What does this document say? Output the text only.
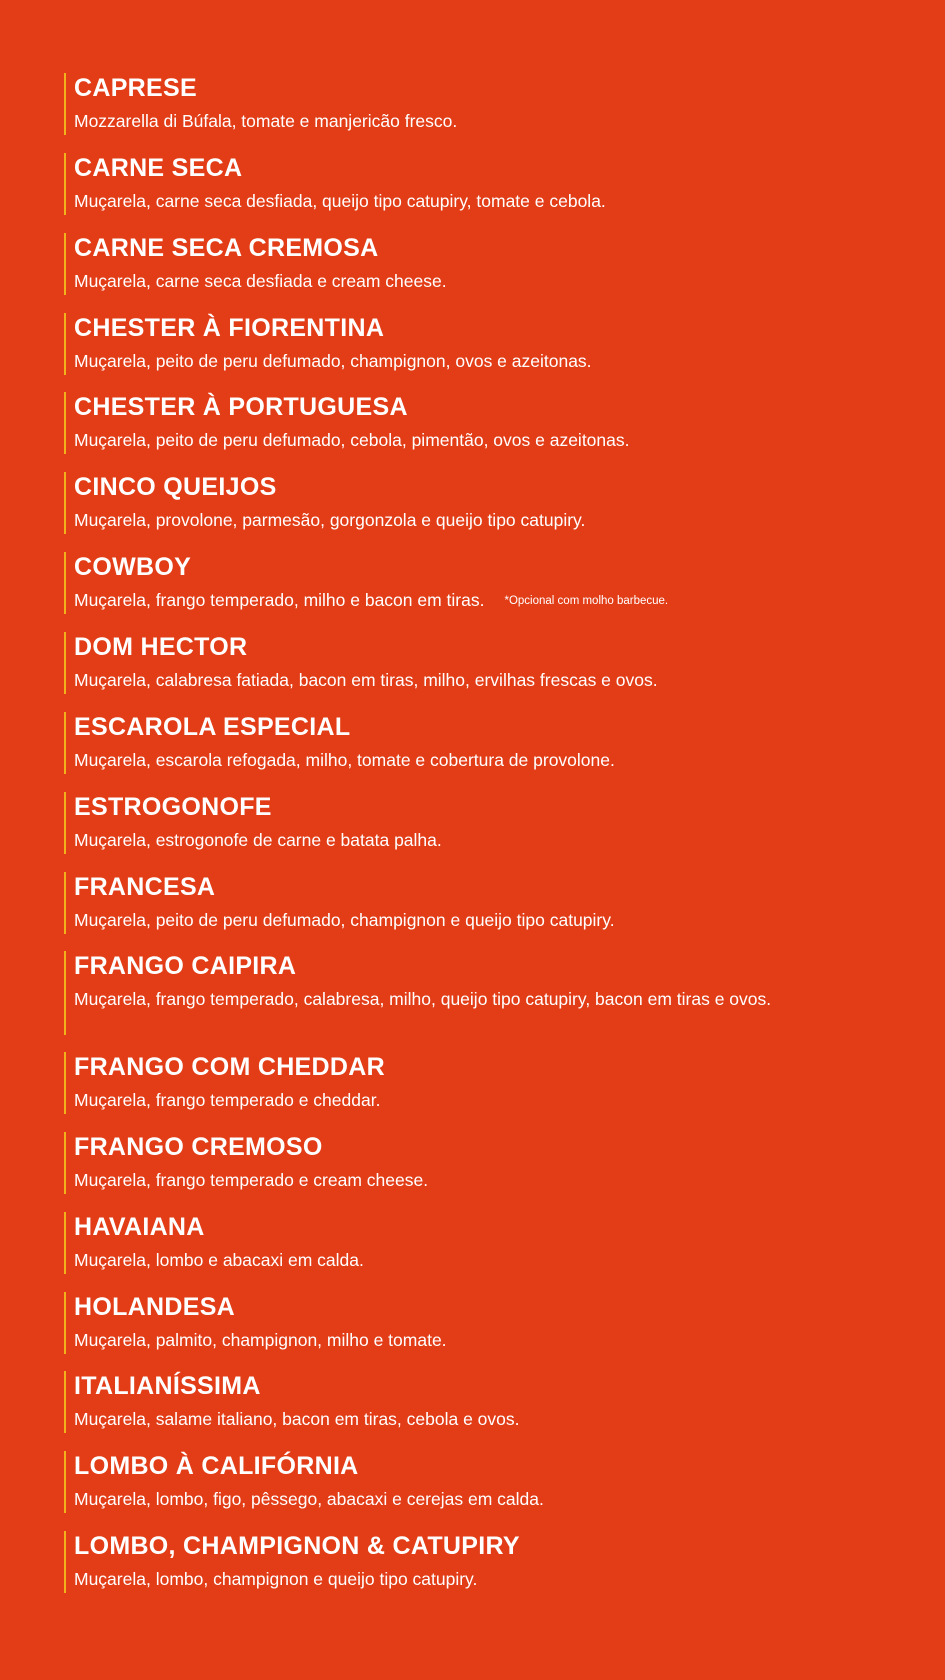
CAPRESE
Mozzarella di Búfala, tomate e manjericão fresco.
CARNE SECA
Muçarela, carne seca desfiada, queijo tipo catupiry, tomate e cebola.
CARNE SECA CREMOSA
Muçarela, carne seca desfiada e cream cheese.
CHESTER À FIORENTINA
Muçarela, peito de peru defumado, champignon, ovos e azeitonas.
CHESTER À PORTUGUESA
Muçarela, peito de peru defumado, cebola, pimentão, ovos e azeitonas.
CINCO QUEIJOS
Muçarela, provolone, parmesão, gorgonzola e queijo tipo catupiry.
COWBOY
Muçarela, frango temperado, milho e bacon em tiras. *Opcional com molho barbecue.
DOM HECTOR
Muçarela, calabresa fatiada, bacon em tiras, milho, ervilhas frescas e ovos.
ESCAROLA ESPECIAL
Muçarela, escarola refogada, milho, tomate e cobertura de provolone.
ESTROGONOFE
Muçarela, estrogonofe de carne e batata palha.
FRANCESA
Muçarela, peito de peru defumado, champignon e queijo tipo catupiry.
FRANGO CAIPIRA
Muçarela, frango temperado, calabresa, milho, queijo tipo catupiry, bacon em tiras e ovos.
FRANGO COM CHEDDAR
Muçarela, frango temperado e cheddar.
FRANGO CREMOSO
Muçarela, frango temperado e cream cheese.
HAVAIANA
Muçarela, lombo e abacaxi em calda.
HOLANDESA
Muçarela, palmito, champignon, milho e tomate.
ITALIANÍSSIMA
Muçarela, salame italiano, bacon em tiras, cebola e ovos.
LOMBO À CALIFÓRNIA
Muçarela, lombo, figo, pêssego, abacaxi e cerejas em calda.
LOMBO, CHAMPIGNON & CATUPIRY
Muçarela, lombo, champignon e queijo tipo catupiry.
